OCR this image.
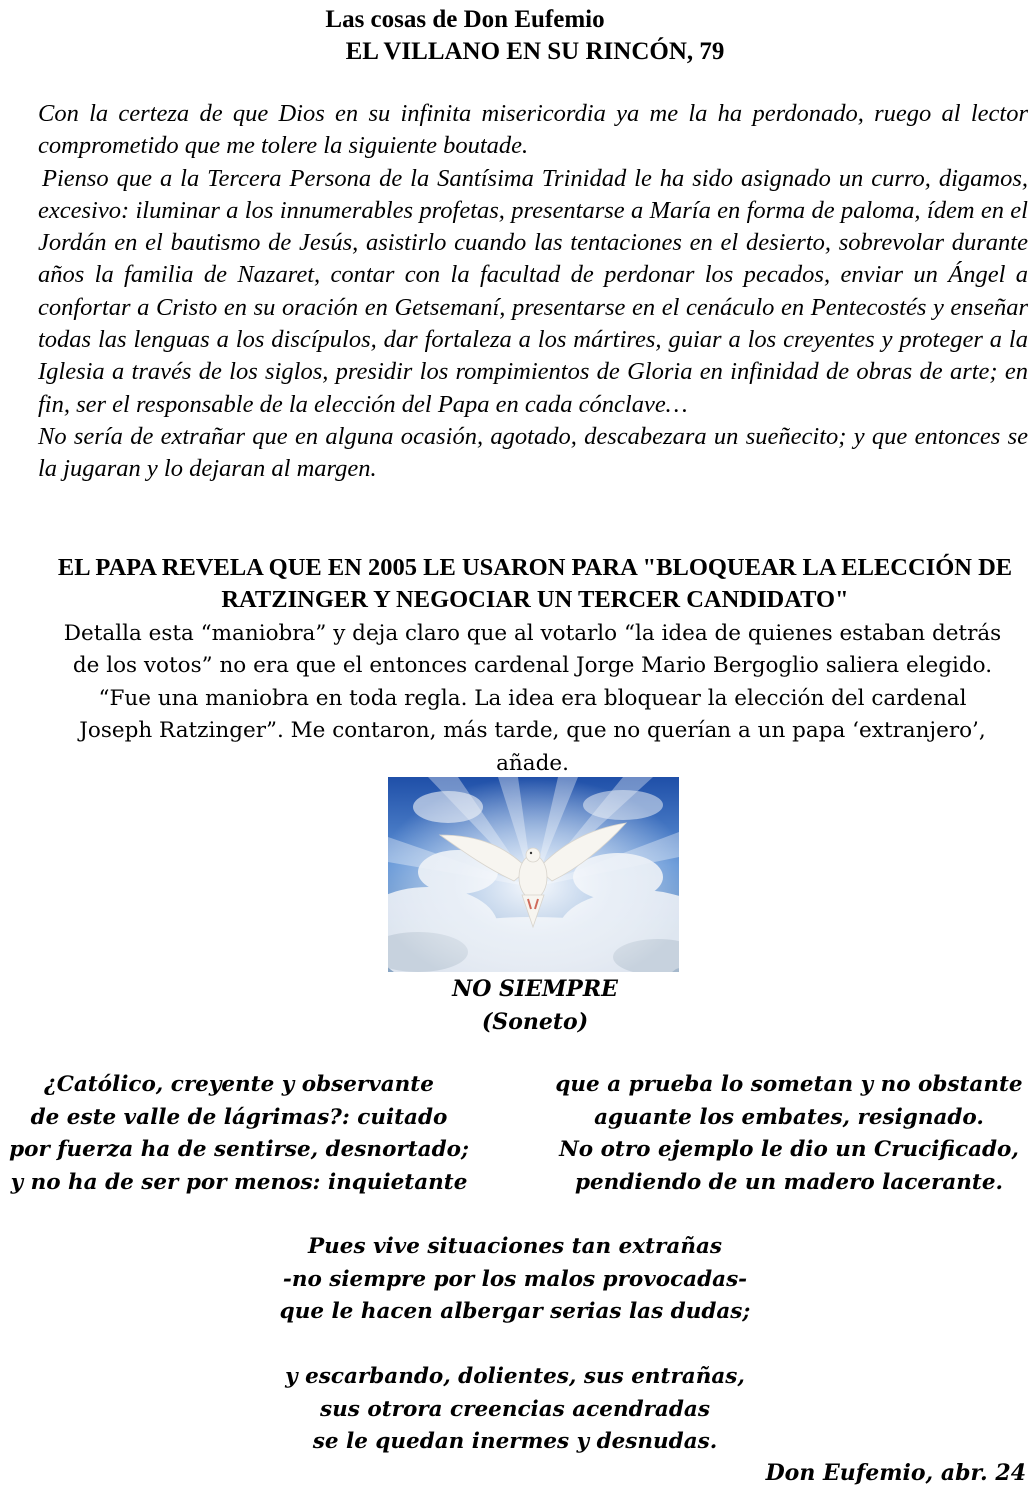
Las cosas de Don Eufemio
EL VILLANO EN SU RINCÓN, 79

Con la certeza de que Dios en su infinita misericordia ya me la ha perdonado, ruego al lector comprometido que me tolere la siguiente boutade.

Pienso que a la Tercera Persona de la Santísima Trinidad le ha sido asignado un curro, digamos, excesivo: iluminar a los innumerables profetas, presentarse a María en forma de paloma, ídem en el Jordán en el bautismo de Jesús, asistirlo cuando las tentaciones en el desierto, sobrevolar durante años la familia de Nazaret, contar con la facultad de perdonar los pecados, enviar un Ángel a confortar a Cristo en su oración en Getsemaní, presentarse en el cenáculo en Pentecostés y enseñar todas las lenguas a los discípulos, dar fortaleza a los mártires, guiar a los creyentes y proteger a la Iglesia a través de los siglos, presidir los rompimientos de Gloria en infinidad de obras de arte; en fin, ser el responsable de la elección del Papa en cada cónclave…

No sería de extrañar que en alguna ocasión, agotado, descabezara un sueñecito; y que entonces se la jugaran y lo dejaran al margen.

EL PAPA REVELA QUE EN 2005 LE USARON PARA "BLOQUEAR LA ELECCIÓN DE
RATZINGER Y NEGOCIAR UN TERCER CANDIDATO"
Detalla esta “maniobra” y deja claro que al votarlo “la idea de quienes estaban detrás
de los votos” no era que el entonces cardenal Jorge Mario Bergoglio saliera elegido.
“Fue una maniobra en toda regla. La idea era bloquear la elección del cardenal
Joseph Ratzinger”. Me contaron, más tarde, que no querían a un papa ‘extranjero’,
añade.
NO SIEMPRE
(Soneto)
¿Católico, creyente y observante
de este valle de lágrimas?: cuitado
por fuerza ha de sentirse, desnortado;
y no ha de ser por menos: inquietante
que a prueba lo sometan y no obstante
aguante los embates, resignado.
No otro ejemplo le dio un Crucificado,
pendiendo de un madero lacerante.
Pues vive situaciones tan extrañas
-no siempre por los malos provocadas-
que le hacen albergar serias las dudas;
y escarbando, dolientes, sus entrañas,
sus otrora creencias acendradas
se le quedan inermes y desnudas.
Don Eufemio, abr. 24
